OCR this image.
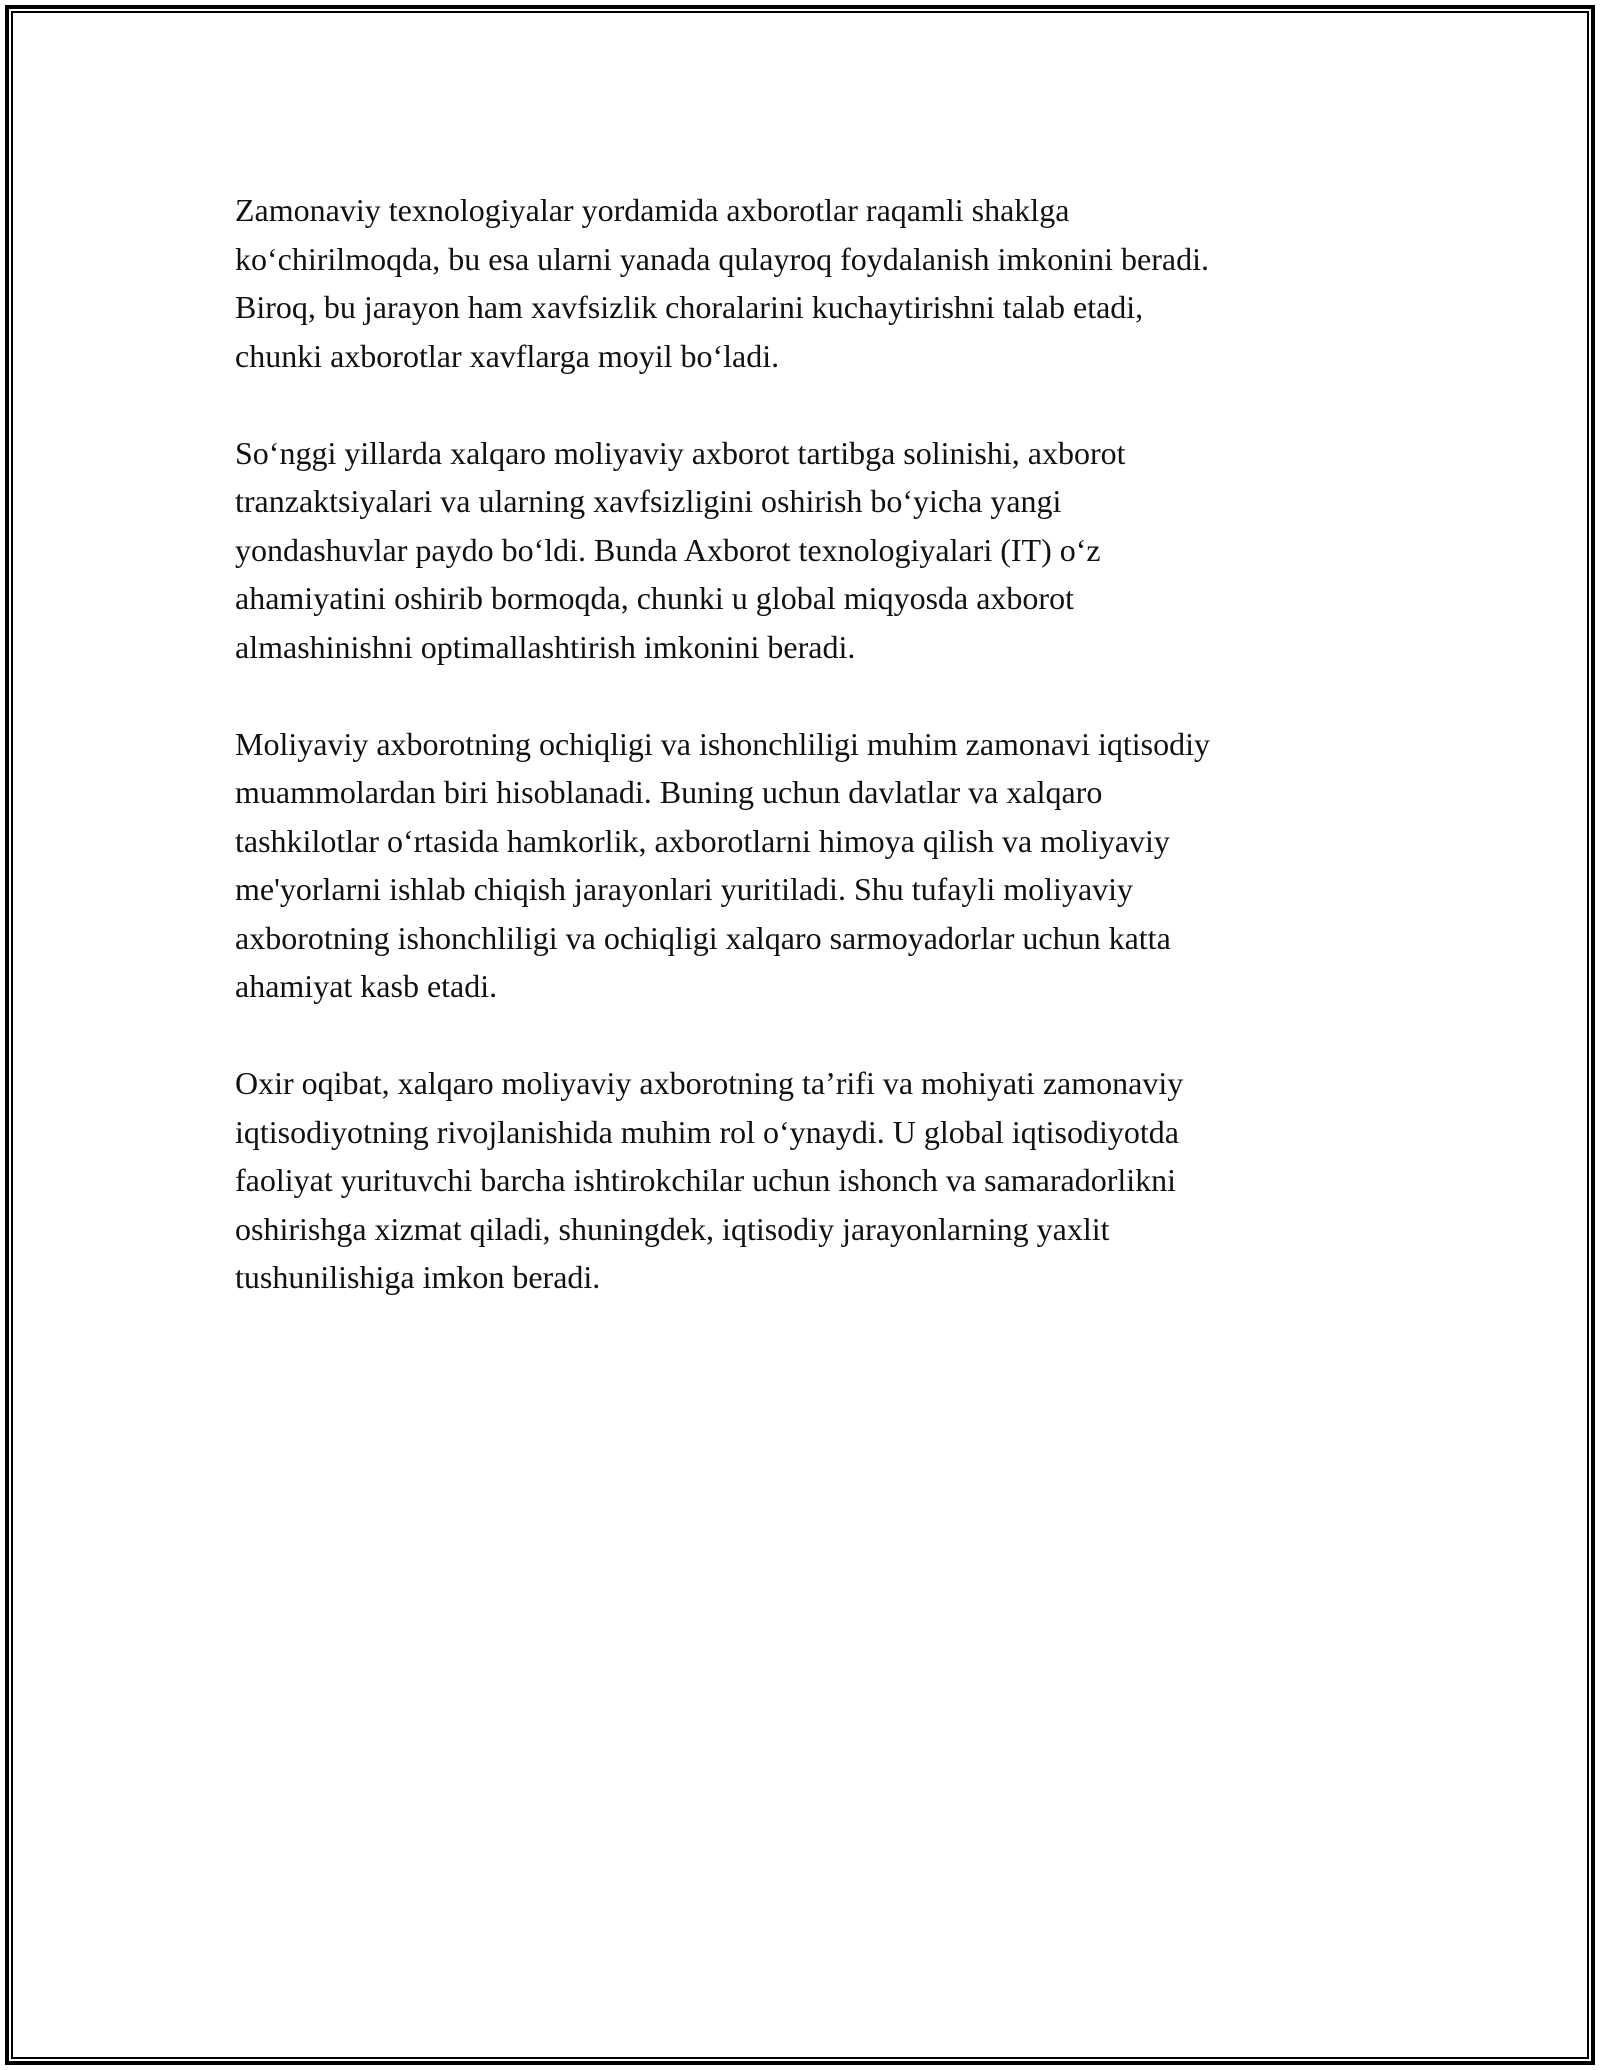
Zamonaviy texnologiyalar yordamida axborotlar raqamli shaklga
koʻchirilmoqda, bu esa ularni yanada qulayroq foydalanish imkonini beradi.
Biroq, bu jarayon ham xavfsizlik choralarini kuchaytirishni talab etadi,
chunki axborotlar xavflarga moyil boʻladi.

Soʻnggi yillarda xalqaro moliyaviy axborot tartibga solinishi, axborot
tranzaktsiyalari va ularning xavfsizligini oshirish boʻyicha yangi
yondashuvlar paydo boʻldi. Bunda Axborot texnologiyalari (IT) oʻz
ahamiyatini oshirib bormoqda, chunki u global miqyosda axborot
almashinishni optimallashtirish imkonini beradi.

Moliyaviy axborotning ochiqligi va ishonchliligi muhim zamonavi iqtisodiy
muammolardan biri hisoblanadi. Buning uchun davlatlar va xalqaro
tashkilotlar oʻrtasida hamkorlik, axborotlarni himoya qilish va moliyaviy
me'yorlarni ishlab chiqish jarayonlari yuritiladi. Shu tufayli moliyaviy
axborotning ishonchliligi va ochiqligi xalqaro sarmoyadorlar uchun katta
ahamiyat kasb etadi.

Oxir oqibat, xalqaro moliyaviy axborotning ta’rifi va mohiyati zamonaviy
iqtisodiyotning rivojlanishida muhim rol oʻynaydi. U global iqtisodiyotda
faoliyat yurituvchi barcha ishtirokchilar uchun ishonch va samaradorlikni
oshirishga xizmat qiladi, shuningdek, iqtisodiy jarayonlarning yaxlit
tushunilishiga imkon beradi.
